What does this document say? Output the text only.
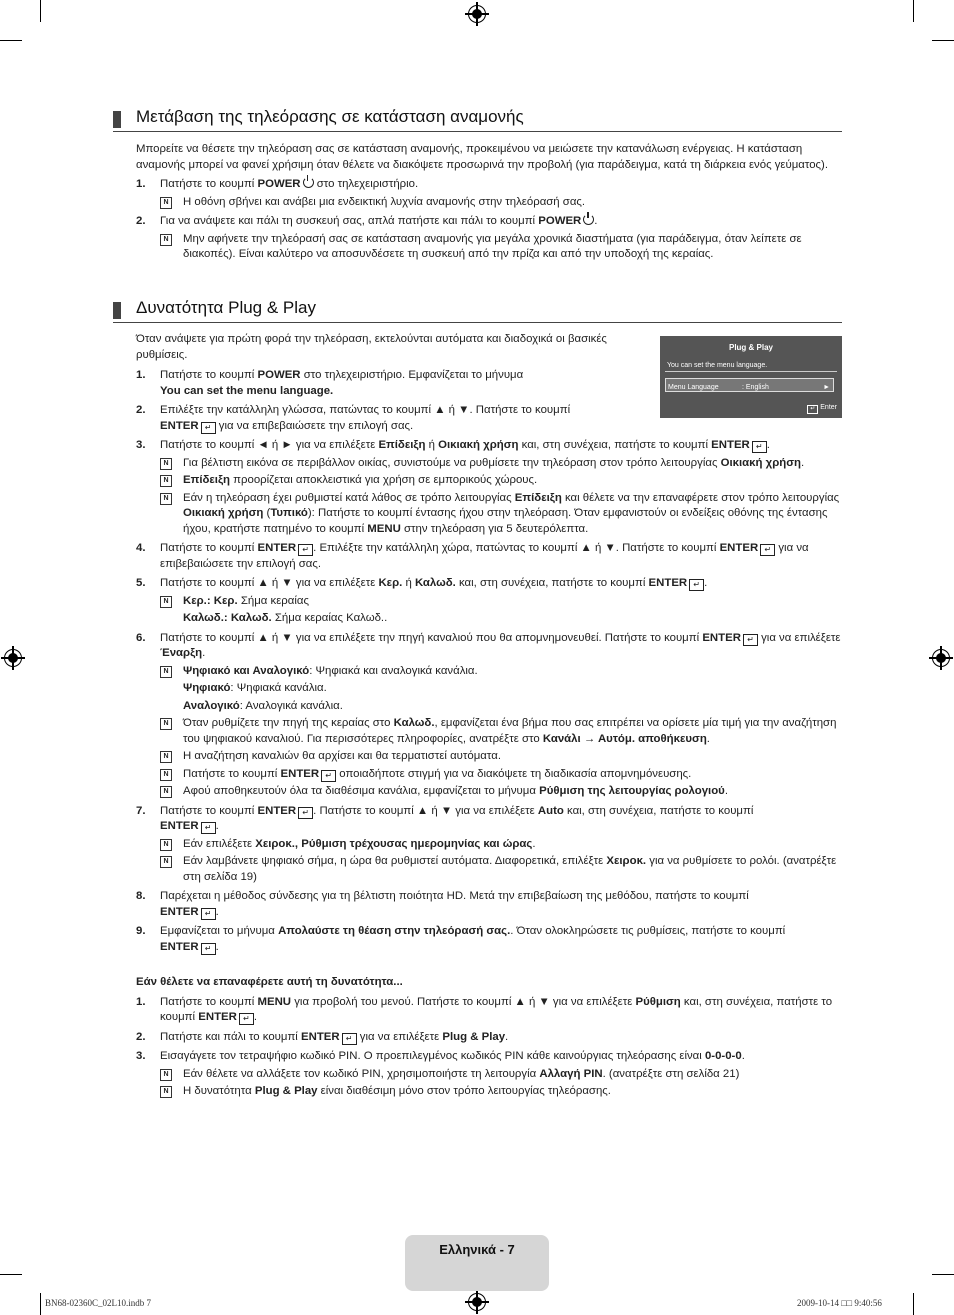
Μετάβαση της τηλεόρασης σε κατάσταση αναμονής

Μπορείτε να θέσετε την τηλεόραση σας σε κατάσταση αναμονής, προκειμένου να μειώσετε την κατανάλωση ενέργειας. Η κατάσταση αναμονής μπορεί να φανεί χρήσιμη όταν θέλετε να διακόψετε προσωρινά την προβολή (για παράδειγμα, κατά τη διάρκεια ενός γεύματος).

1. Πατήστε το κουμπί POWER στο τηλεχειριστήριο.
N	Η οθόνη σβήνει και ανάβει μια ενδεικτική λυχνία αναμονής στην τηλεόρασή σας.
2. Για να ανάψετε και πάλι τη συσκευή σας, απλά πατήστε και πάλι το κουμπί POWER .
N	Μην αφήνετε την τηλεόρασή σας σε κατάσταση αναμονής για μεγάλα χρονικά διαστήματα (για παράδειγμα, όταν λείπετε σε διακοπές). Είναι καλύτερο να αποσυνδέσετε τη συσκευή από την πρίζα και από την υποδοχή της κεραίας.
Δυνατότητα Plug & Play
Plug & Play
You can set the menu language.
Menu Language	: English	►
↵ Enter

Όταν ανάψετε για πρώτη φορά την τηλεόραση, εκτελούνται αυτόματα και διαδοχικά οι βασικές ρυθμίσεις.

1. Πατήστε το κουμπί POWER στο τηλεχειριστήριο. Εμφανίζεται το μήνυμα
You can set the menu language.
2. Επιλέξτε την κατάλληλη γλώσσα, πατώντας το κουμπί ▲ ή ▼. Πατήστε το κουμπί
ENTER ↵ για να επιβεβαιώσετε την επιλογή σας.
3. Πατήστε το κουμπί ◄ ή ► για να επιλέξετε Επίδειξη ή Οικιακή χρήση και, στη συνέχεια, πατήστε το κουμπί ENTER ↵ .
N	Για βέλτιστη εικόνα σε περιβάλλον οικίας, συνιστούμε να ρυθμίσετε την τηλεόραση στον τρόπο λειτουργίας Οικιακή χρήση.
N	Επίδειξη προορίζεται αποκλειστικά για χρήση σε εμπορικούς χώρους.
N	Εάν η τηλεόραση έχει ρυθμιστεί κατά λάθος σε τρόπο λειτουργίας Επίδειξη και θέλετε να την επαναφέρετε στον τρόπο λειτουργίας Οικιακή χρήση (Τυπικό): Πατήστε το κουμπί έντασης ήχου στην τηλεόραση. Όταν εμφανιστούν οι ενδείξεις οθόνης της έντασης ήχου, κρατήστε πατημένο το κουμπί MENU στην τηλεόραση για 5 δευτερόλεπτα.
4. Πατήστε το κουμπί ENTER ↵ . Επιλέξτε την κατάλληλη χώρα, πατώντας το κουμπί ▲ ή ▼. Πατήστε το κουμπί ENTER ↵ για να επιβεβαιώσετε την επιλογή σας.
5. Πατήστε το κουμπί ▲ ή ▼ για να επιλέξετε Κερ. ή Καλωδ. και, στη συνέχεια, πατήστε το κουμπί ENTER ↵ .
N	Κερ.: Κερ. Σήμα κεραίας
Καλωδ.: Καλωδ. Σήμα κεραίας Καλωδ..
6. Πατήστε το κουμπί ▲ ή ▼ για να επιλέξετε την πηγή καναλιού που θα απομνημονευθεί. Πατήστε το κουμπί ENTER ↵ για να επιλέξετε Έναρξη.
N	Ψηφιακό και Αναλογικό: Ψηφιακά και αναλογικά κανάλια.
Ψηφιακό: Ψηφιακά κανάλια.
Αναλογικό: Αναλογικά κανάλια.
N	Όταν ρυθμίζετε την πηγή της κεραίας στο Καλωδ., εμφανίζεται ένα βήμα που σας επιτρέπει να ορίσετε μία τιμή για την αναζήτηση του ψηφιακού καναλιού. Για περισσότερες πληροφορίες, ανατρέξτε στο Κανάλι → Αυτόμ. αποθήκευση.
N	Η αναζήτηση καναλιών θα αρχίσει και θα τερματιστεί αυτόματα.
N	Πατήστε το κουμπί ENTER ↵ οποιαδήποτε στιγμή για να διακόψετε τη διαδικασία απομνημόνευσης.
N	Αφού αποθηκευτούν όλα τα διαθέσιμα κανάλια, εμφανίζεται το μήνυμα Ρύθμιση της λειτουργίας ρολογιού.
7. Πατήστε το κουμπί ENTER ↵ . Πατήστε το κουμπί ▲ ή ▼ για να επιλέξετε Auto και, στη συνέχεια, πατήστε το κουμπί
ENTER ↵ .
N	Εάν επιλέξετε Χειροκ., Ρύθμιση τρέχουσας ημερομηνίας και ώρας.
N	Εάν λαμβάνετε ψηφιακό σήμα, η ώρα θα ρυθμιστεί αυτόματα. Διαφορετικά, επιλέξτε Χειροκ. για να ρυθμίσετε το ρολόι. (ανατρέξτε στη σελίδα 19)
8. Παρέχεται η μέθοδος σύνδεσης για τη βέλτιστη ποιότητα HD. Μετά την επιβεβαίωση της μεθόδου, πατήστε το κουμπί
ENTER ↵ .
9. Εμφανίζεται το μήνυμα Απολαύστε τη θέαση στην τηλεόρασή σας.. Όταν ολοκληρώσετε τις ρυθμίσεις, πατήστε το κουμπί
ENTER ↵ .

Εάν θέλετε να επαναφέρετε αυτή τη δυνατότητα...

1. Πατήστε το κουμπί MENU για προβολή του μενού. Πατήστε το κουμπί ▲ ή ▼ για να επιλέξετε Ρύθμιση και, στη συνέχεια, πατήστε το κουμπί ENTER ↵ .
2. Πατήστε και πάλι το κουμπί ENTER ↵ για να επιλέξετε Plug & Play.
3. Εισαγάγετε τον τετραψήφιο κωδικό PIN. Ο προεπιλεγμένος κωδικός PIN κάθε καινούργιας τηλεόρασης είναι 0-0-0-0.
N	Εάν θέλετε να αλλάξετε τον κωδικό PIN, χρησιμοποιήστε τη λειτουργία Αλλαγή PIN. (ανατρέξτε στη σελίδα 21)
N	Η δυνατότητα Plug & Play είναι διαθέσιμη μόνο στον τρόπο λειτουργίας τηλεόρασης.
Ελληνικά - 7
BN68-02360C_02L10.indb 7	2009-10-14 □□ 9:40:56
